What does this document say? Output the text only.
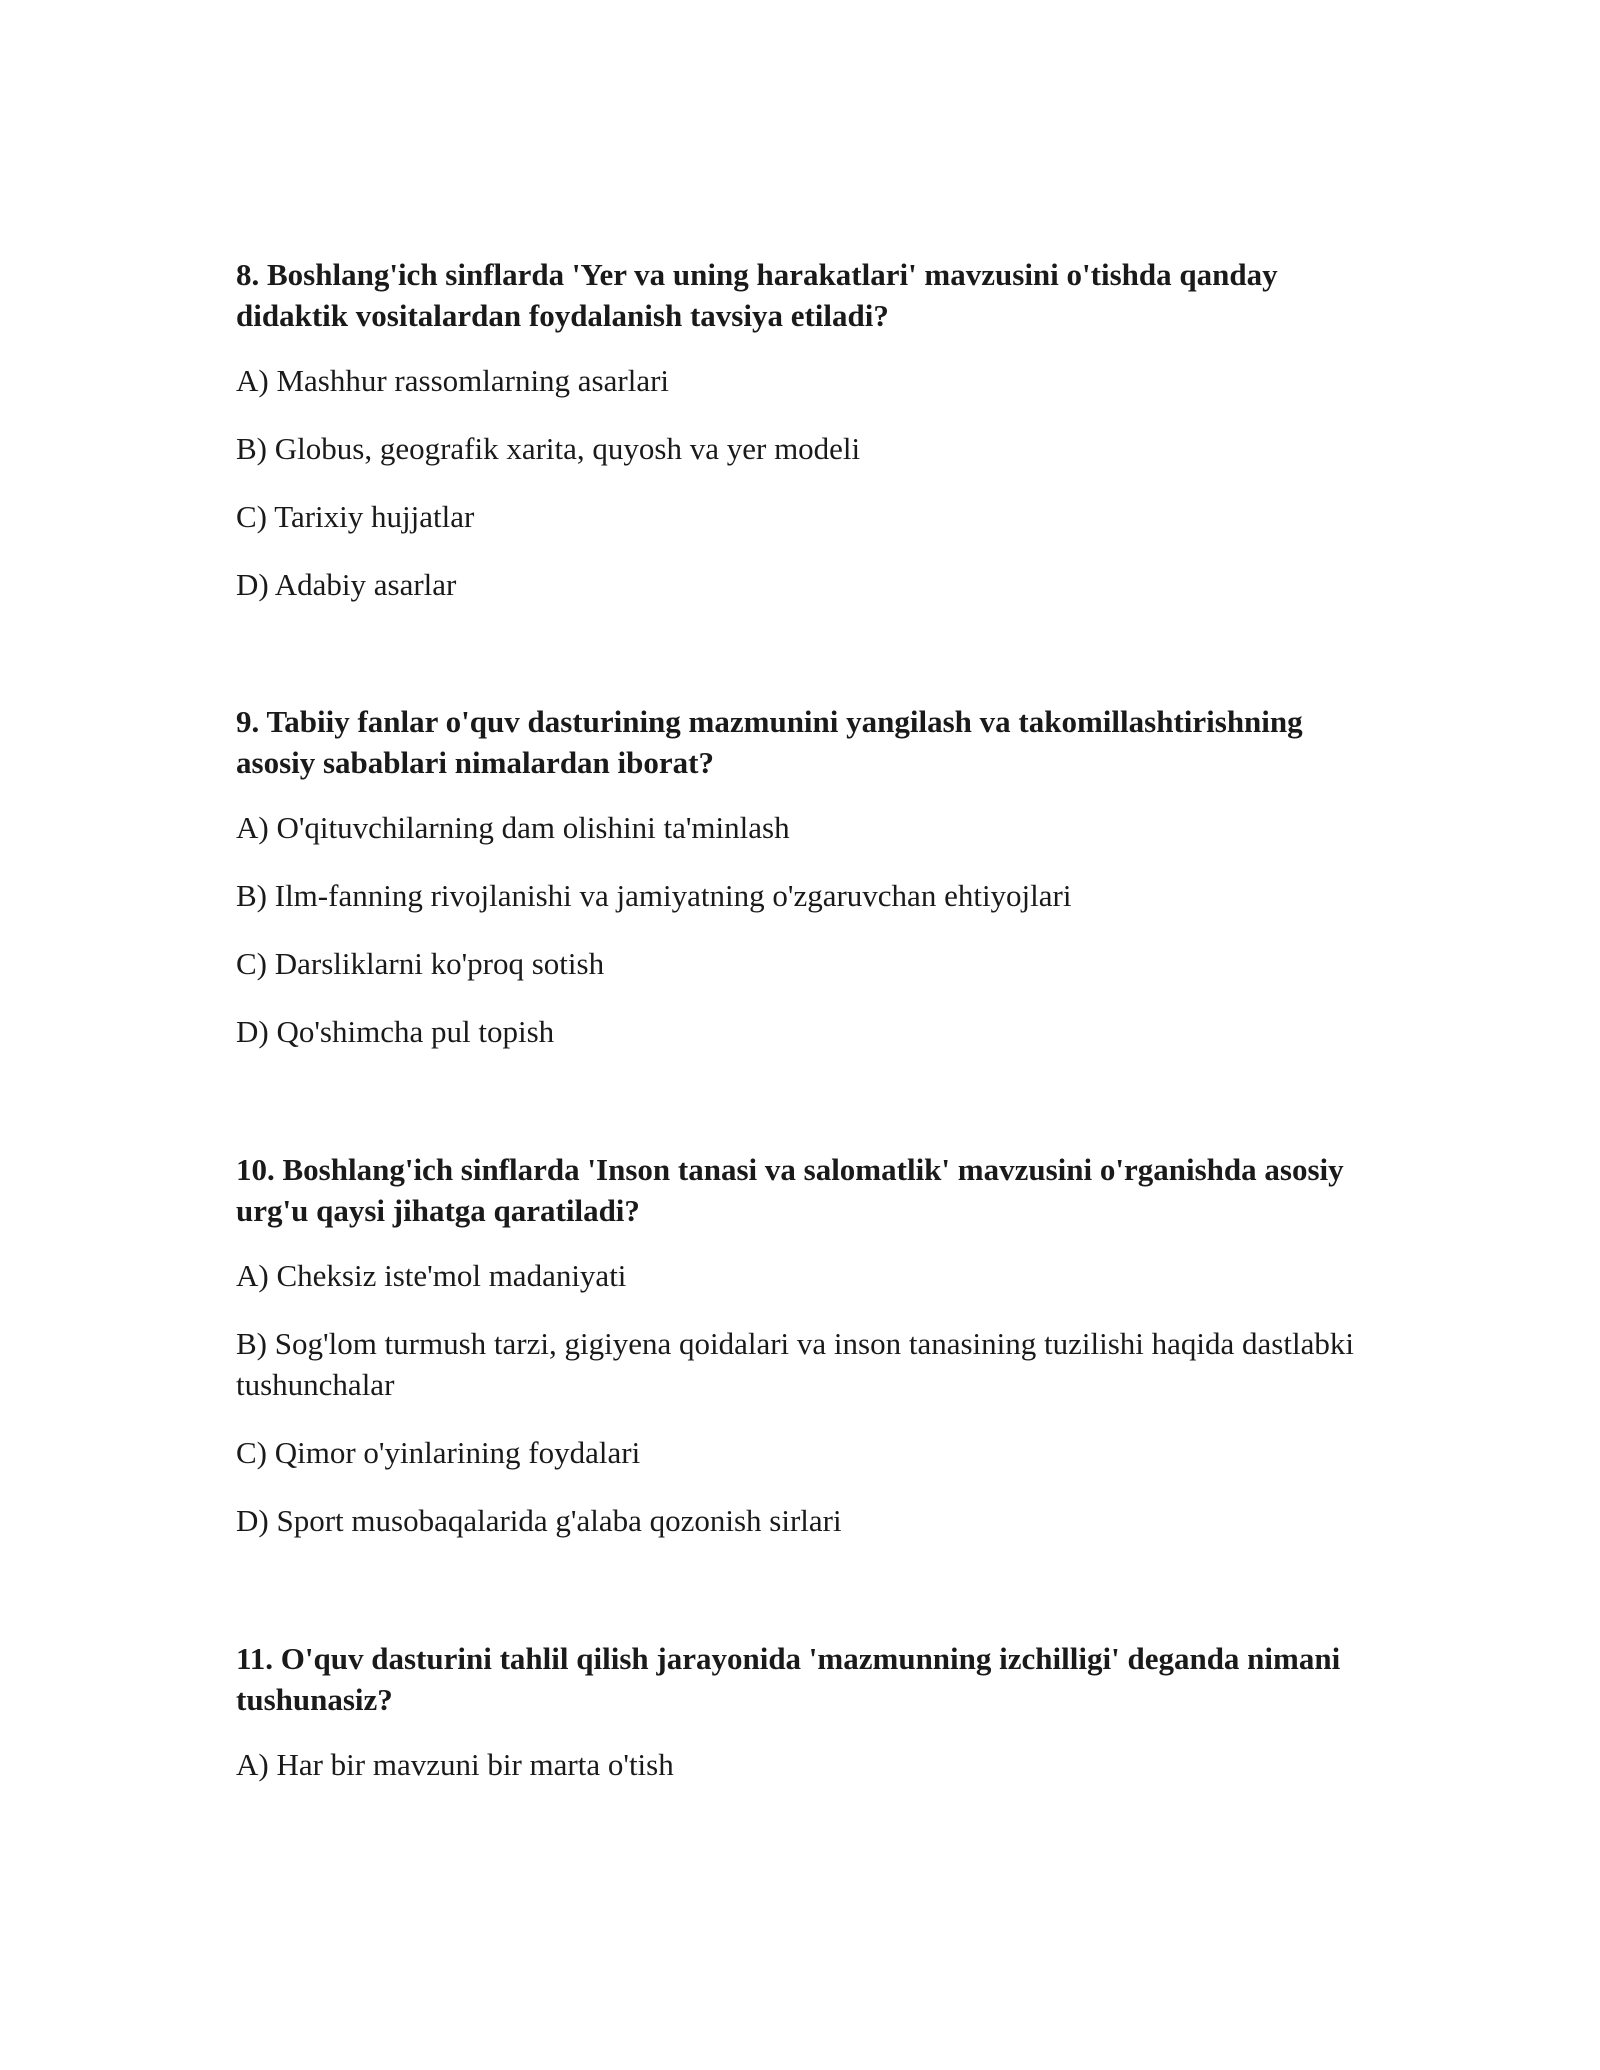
8. Boshlang'ich sinflarda 'Yer va uning harakatlari' mavzusini o'tishda qanday didaktik vositalardan foydalanish tavsiya etiladi?

A) Mashhur rassomlarning asarlari

B) Globus, geografik xarita, quyosh va yer modeli

C) Tarixiy hujjatlar

D) Adabiy asarlar

9. Tabiiy fanlar o'quv dasturining mazmunini yangilash va takomillashtirishning asosiy sabablari nimalardan iborat?

A) O'qituvchilarning dam olishini ta'minlash

B) Ilm-fanning rivojlanishi va jamiyatning o'zgaruvchan ehtiyojlari

C) Darsliklarni ko'proq sotish

D) Qo'shimcha pul topish

10. Boshlang'ich sinflarda 'Inson tanasi va salomatlik' mavzusini o'rganishda asosiy urg'u qaysi jihatga qaratiladi?

A) Cheksiz iste'mol madaniyati

B) Sog'lom turmush tarzi, gigiyena qoidalari va inson tanasining tuzilishi haqida dastlabki tushunchalar

C) Qimor o'yinlarining foydalari

D) Sport musobaqalarida g'alaba qozonish sirlari

11. O'quv dasturini tahlil qilish jarayonida 'mazmunning izchilligi' deganda nimani tushunasiz?

A) Har bir mavzuni bir marta o'tish
